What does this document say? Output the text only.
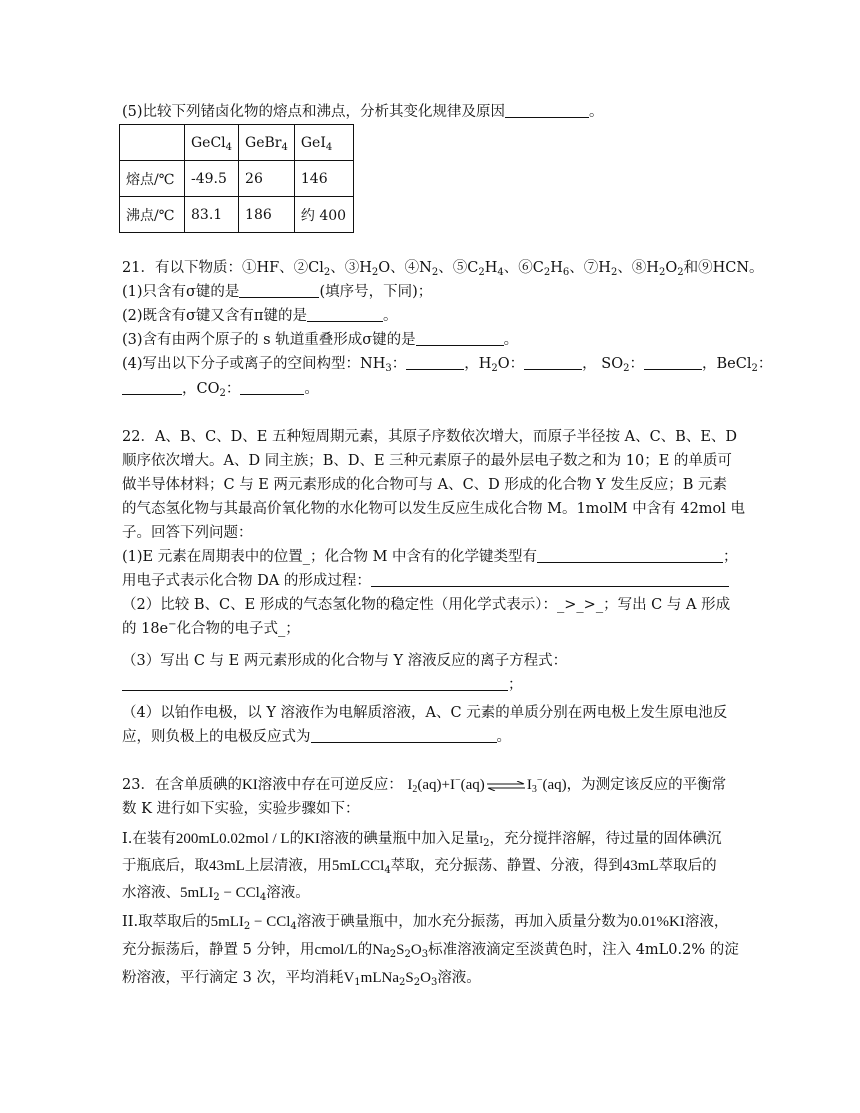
(5)比较下列锗卤化物的熔点和沸点，分析其变化规律及原因	。
	GeCl$_4$	GeBr$_4$	GeI$_4$
熔点/℃	-49.5	26	146
沸点/℃	83.1	186	约 400
21．有以下物质：①HF、$②Cl_2$、$③H_2O$、$④N_2$、$⑤C_2H_4$、$⑥C_2H_6$、$⑦H_2$、$⑧H_2O_2$和⑨HCN。
(1)只含有σ键的是	(填序号，下同)；
(2)既含有σ键又含有π键的是	。
(3)含有由两个原子的 s 轨道重叠形成σ键的是	。
(4)写出以下分子或离子的空间构型：$NH_3$：	，$H_2O$：	， $SO_2$：	，BeCl$_2$：
，$CO_2$：	。
22．A、B、C、D、E 五种短周期元素，其原子序数依次增大，而原子半径按 A、C、B、E、D
顺序依次增大。A、D 同主族；B、D、E 三种元素原子的最外层电子数之和为 10；E 的单质可
做半导体材料；C 与 E 两元素形成的化合物可与 A、C、D 形成的化合物 Y 发生反应；B 元素
的气态氢化物与其最高价氧化物的水化物可以发生反应生成化合物 M。1molM 中含有 42mol 电
子。回答下列问题：
(1)E 元素在周期表中的位置_；化合物 M 中含有的化学键类型有	；
用电子式表示化合物 DA 的形成过程：
（2）比较 B、C、E 形成的气态氢化物的稳定性（用化学式表示）：_>_>_；写出 C 与 A 形成
的 18e−化合物的电子式_；
（3）写出 C 与 E 两元素形成的化合物与 Y 溶液反应的离子方程式：
；
（4）以铂作电极，以 Y 溶液作为电解质溶液，A、C 元素的单质分别在两电极上发生原电池反
应，则负极上的电极反应式为	。
23．在含单质碘的KI溶液中存在可逆反应： $I_2(aq)+I^-(aq)\rightleftharpoons I_3^-(aq)$，为测定该反应的平衡常
数 K 进行如下实验，实验步骤如下：
I.在装有200mL0.02mol / L的KI溶液的碘量瓶中加入足量$I_2$，充分搅拌溶解，待过量的固体碘沉
于瓶底后，取43mL上层清液，用5mLCCl$_4$萃取，充分振荡、静置、分液，得到43mL萃取后的
水溶液、5mLI$_2$ − CCl$_4$溶液。
II.取萃取后的5mLI$_2$ − CCl$_4$溶液于碘量瓶中，加水充分振荡，再加入质量分数为0.01%KI溶液，
充分振荡后，静置 5 分钟，用cmol/L的$Na_2S_2O_3$标准溶液滴定至淡黄色时，注入 4mL0.2% 的淀
粉溶液，平行滴定 3 次，平均消耗$V_1mLNa_2S_2O_3$溶液。
